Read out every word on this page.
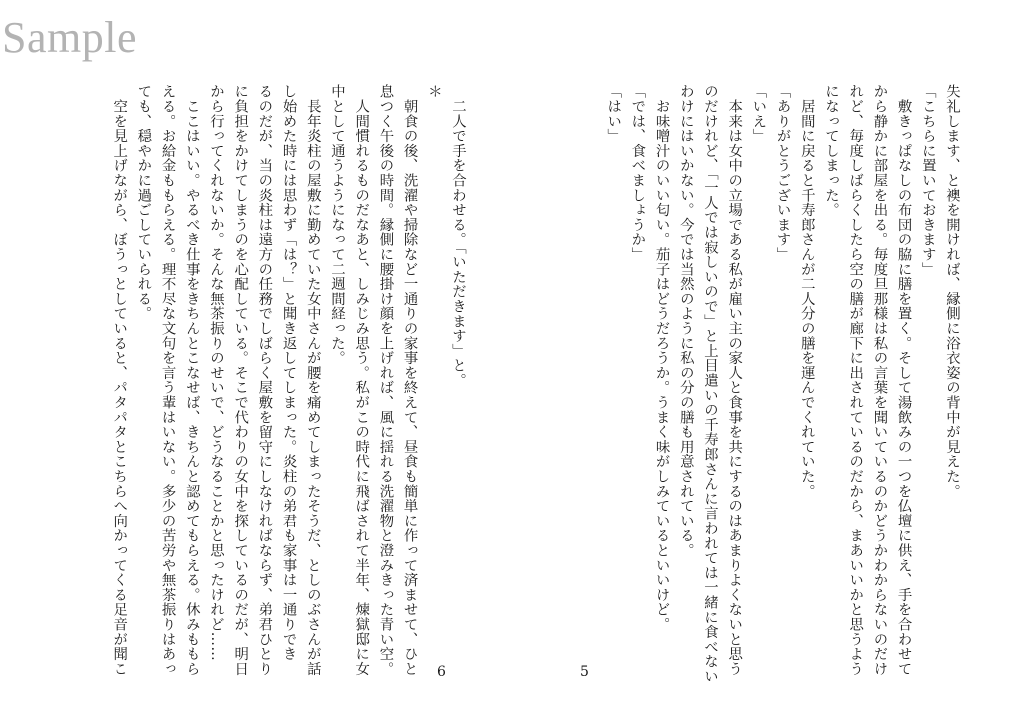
Sample
失礼します、と襖を開ければ、縁側に浴衣姿の背中が見えた。
「こちらに置いておきます」
　敷きっぱなしの布団の脇に膳を置く。そして湯飲みの一つを仏壇に供え、手を合わせて
から静かに部屋を出る。毎度旦那様は私の言葉を聞いているのかどうかわからないのだけ
れど、毎度しばらくしたら空の膳が廊下に出されているのだから、まあいいかと思うよう
になってしまった。
　居間に戻ると千寿郎さんが二人分の膳を運んでくれていた。
「ありがとうございます」
「いえ」
　本来は女中の立場である私が雇い主の家人と食事を共にするのはあまりよくないと思う
のだけれど、「一人では寂しいので」と上目遣いの千寿郎さんに言われては一緒に食べない
わけにはいかない。今では当然のように私の分の膳も用意されている。
　お味噌汁のいい匂い。茄子はどうだろうか。うまく味がしみているといいけど。
「では、食べましょうか」
「はい」
　二人で手を合わせる。「いただきます」と。
＊
　朝食の後、洗濯や掃除など一通りの家事を終えて、昼食も簡単に作って済ませて、ひと
息つく午後の時間。縁側に腰掛け顔を上げれば、風に揺れる洗濯物と澄みきった青い空。
　人間慣れるものだなあと、しみじみ思う。私がこの時代に飛ばされて半年、煉獄邸に女
中として通うようになって二週間経った。
　長年炎柱の屋敷に勤めていた女中さんが腰を痛めてしまったそうだ、としのぶさんが話
し始めた時には思わず「は？」と聞き返してしまった。炎柱の弟君も家事は一通りでき
るのだが、当の炎柱は遠方の任務でしばらく屋敷を留守にしなければならず、弟君ひとり
に負担をかけてしまうのを心配している。そこで代わりの女中を探しているのだが、明日
から行ってくれないか。そんな無茶振りのせいで、どうなることかと思ったけれど……
　ここはいい。やるべき仕事をきちんとこなせば、きちんと認めてもらえる。休みももら
える。お給金ももらえる。理不尽な文句を言う輩はいない。多少の苦労や無茶振りはあっ
ても、穏やかに過ごしていられる。
　空を見上げながら、ぼうっとしていると、パタパタとこちらへ向かってくる足音が聞こ	6	5
